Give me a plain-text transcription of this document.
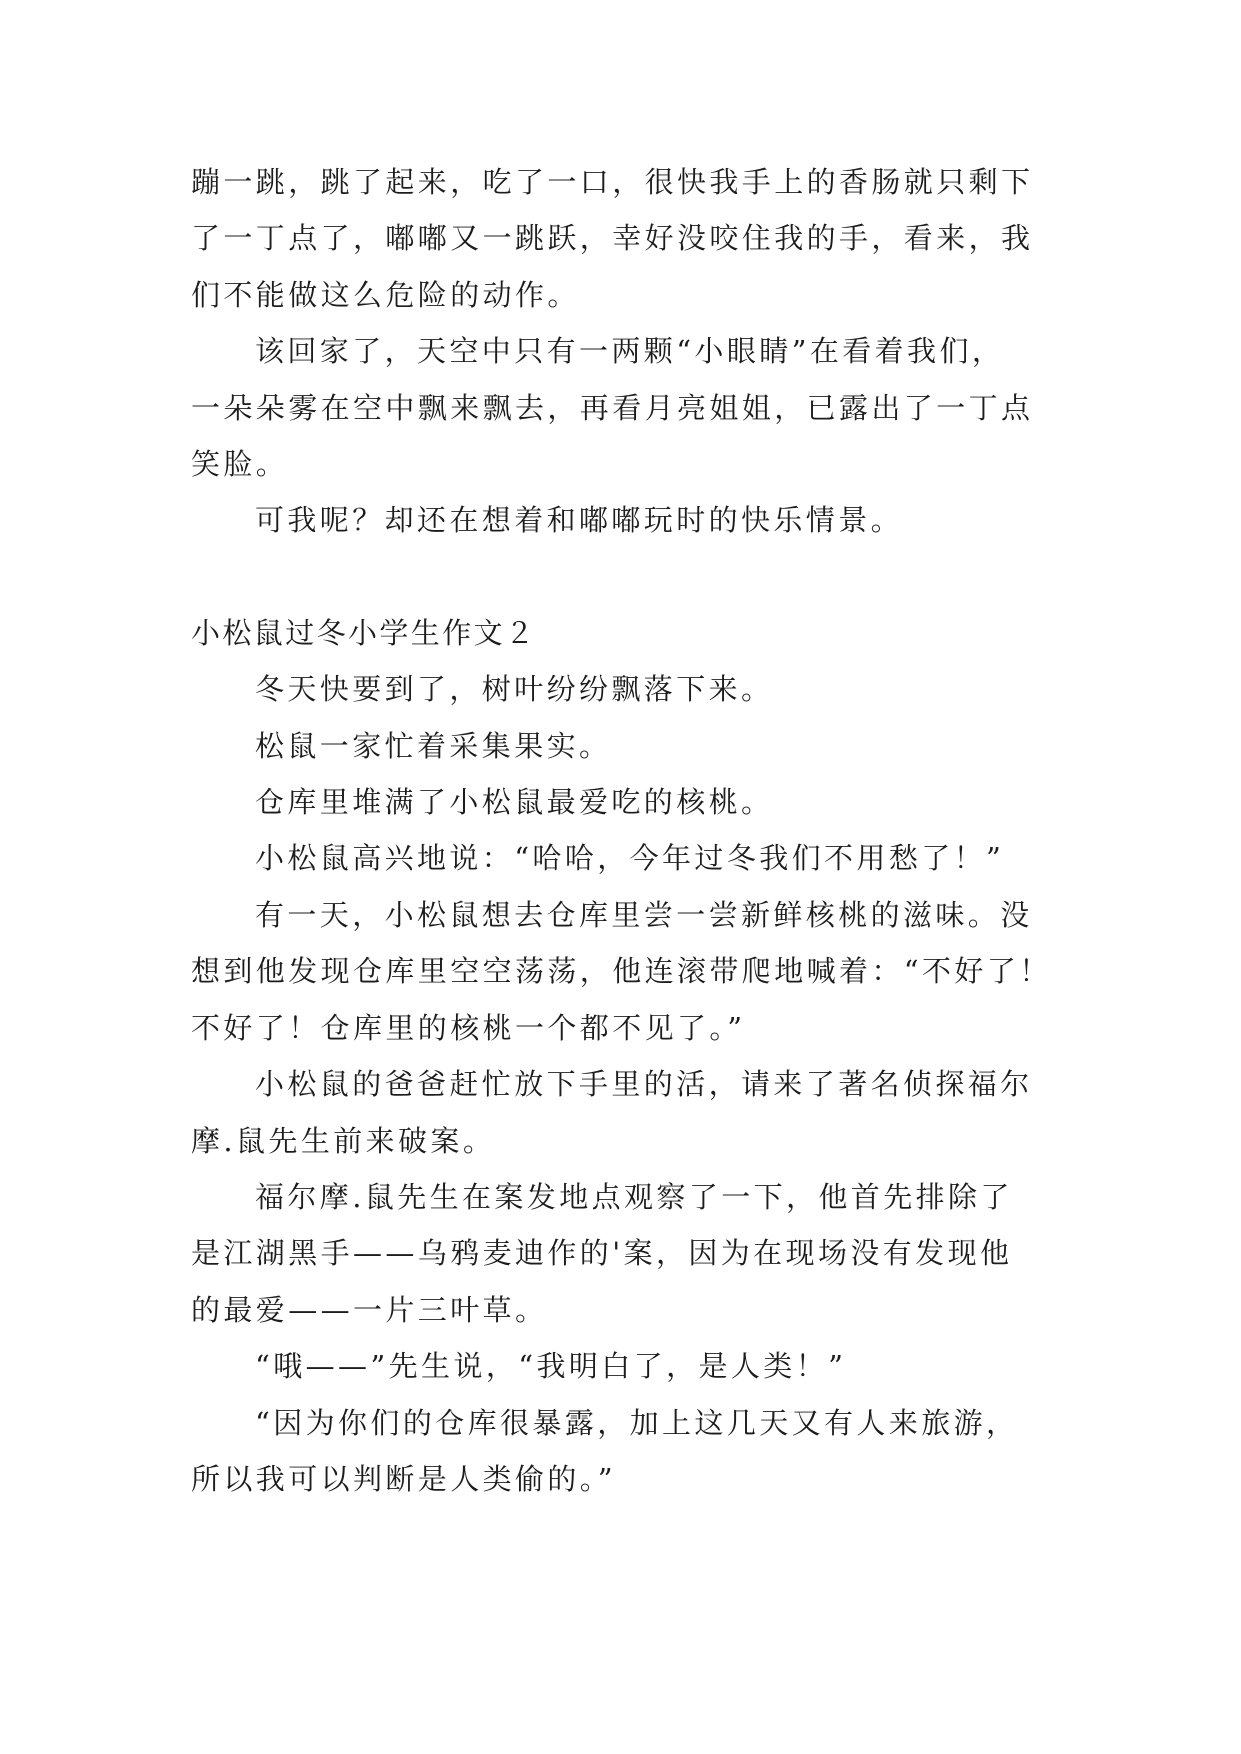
蹦一跳，跳了起来，吃了一口，很快我手上的香肠就只剩下
了一丁点了，嘟嘟又一跳跃，幸好没咬住我的手，看来，我
们不能做这么危险的动作。

该回家了，天空中只有一两颗“小眼睛”在看着我们，
一朵朵雾在空中飘来飘去，再看月亮姐姐，已露出了一丁点
笑脸。

可我呢？却还在想着和嘟嘟玩时的快乐情景。

小松鼠过冬小学生作文２

冬天快要到了，树叶纷纷飘落下来。

松鼠一家忙着采集果实。

仓库里堆满了小松鼠最爱吃的核桃。

小松鼠高兴地说：“哈哈，今年过冬我们不用愁了！”

有一天，小松鼠想去仓库里尝一尝新鲜核桃的滋味。没
想到他发现仓库里空空荡荡，他连滚带爬地喊着：“不好了！
不好了！仓库里的核桃一个都不见了。”

小松鼠的爸爸赶忙放下手里的活，请来了著名侦探福尔
摩.鼠先生前来破案。

福尔摩.鼠先生在案发地点观察了一下，他首先排除了
是江湖黑手——乌鸦麦迪作的'案，因为在现场没有发现他
的最爱——一片三叶草。

“哦——”先生说，“我明白了，是人类！”

“因为你们的仓库很暴露，加上这几天又有人来旅游，
所以我可以判断是人类偷的。”
